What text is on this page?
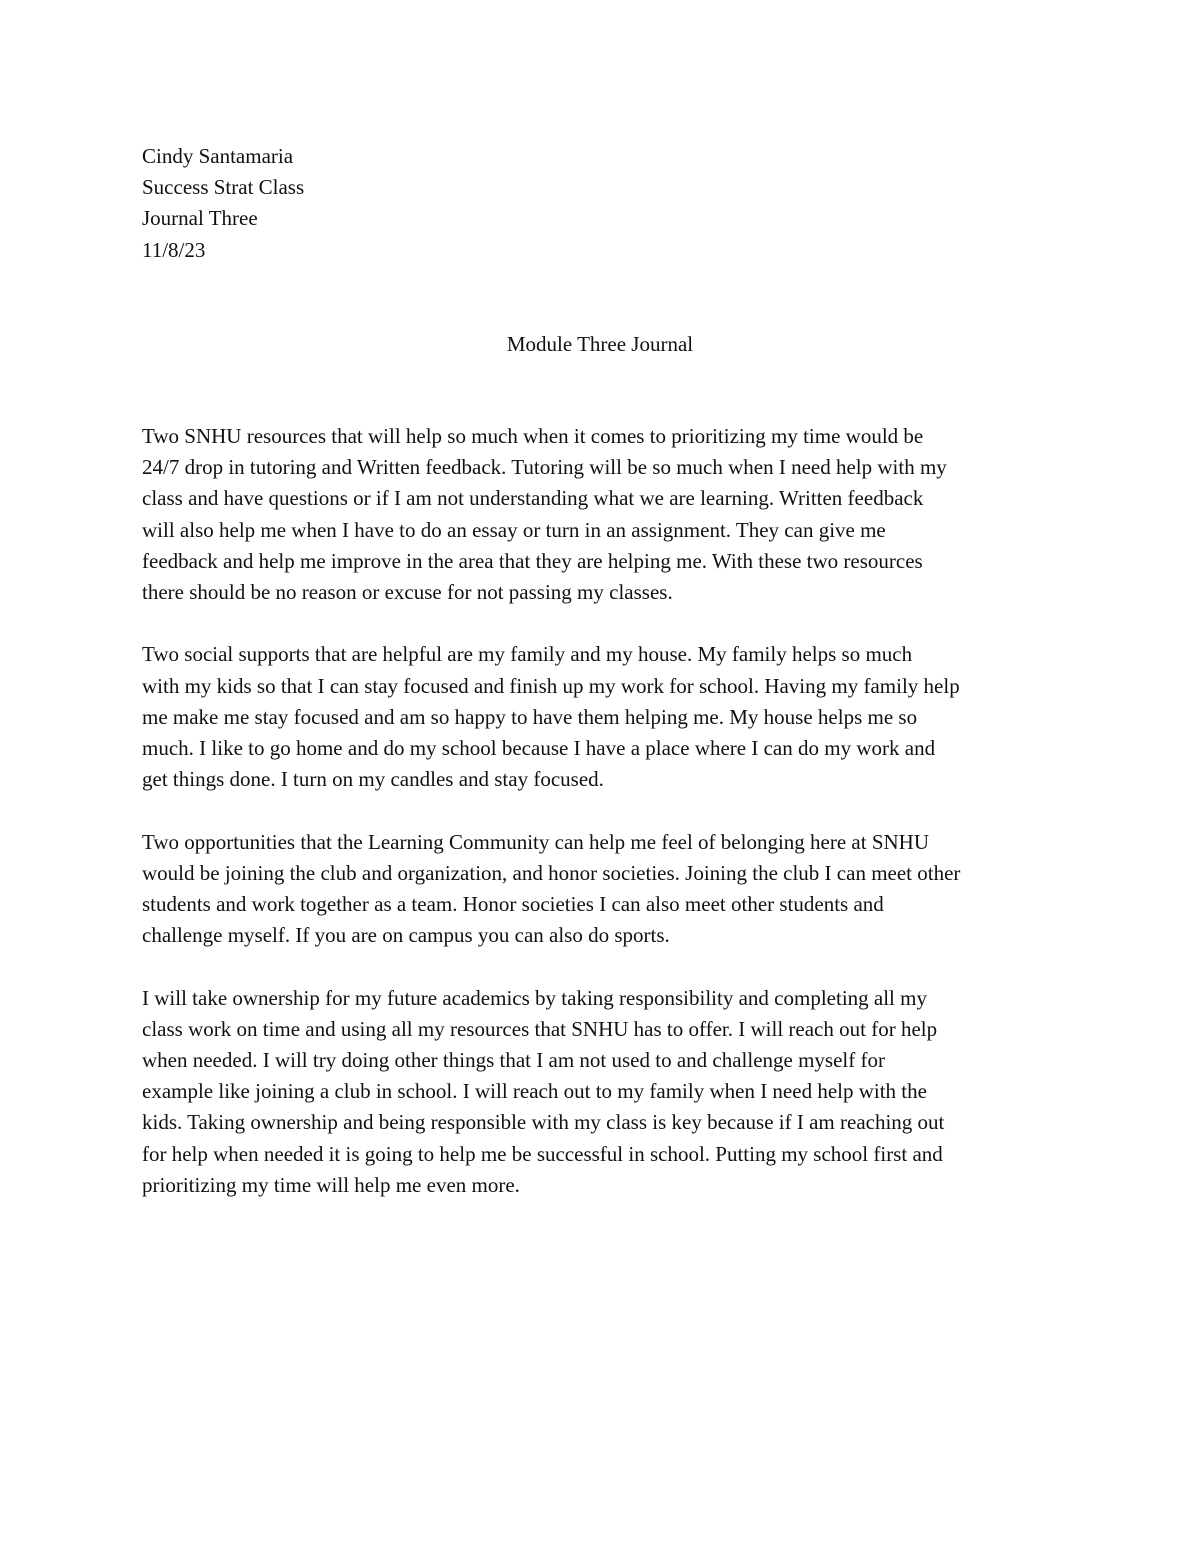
Cindy Santamaria
Success Strat Class
Journal Three
11/8/23
Module Three Journal

Two SNHU resources that will help so much when it comes to prioritizing my time would be
24/7 drop in tutoring and Written feedback. Tutoring will be so much when I need help with my
class and have questions or if I am not understanding what we are learning. Written feedback
will also help me when I have to do an essay or turn in an assignment. They can give me
feedback and help me improve in the area that they are helping me. With these two resources
there should be no reason or excuse for not passing my classes.

Two social supports that are helpful are my family and my house. My family helps so much
with my kids so that I can stay focused and finish up my work for school. Having my family help
me make me stay focused and am so happy to have them helping me. My house helps me so
much. I like to go home and do my school because I have a place where I can do my work and
get things done. I turn on my candles and stay focused.

Two opportunities that the Learning Community can help me feel of belonging here at SNHU
would be joining the club and organization, and honor societies. Joining the club I can meet other
students and work together as a team. Honor societies I can also meet other students and
challenge myself. If you are on campus you can also do sports.

I will take ownership for my future academics by taking responsibility and completing all my
class work on time and using all my resources that SNHU has to offer. I will reach out for help
when needed. I will try doing other things that I am not used to and challenge myself for
example like joining a club in school. I will reach out to my family when I need help with the
kids. Taking ownership and being responsible with my class is key because if I am reaching out
for help when needed it is going to help me be successful in school. Putting my school first and
prioritizing my time will help me even more.
